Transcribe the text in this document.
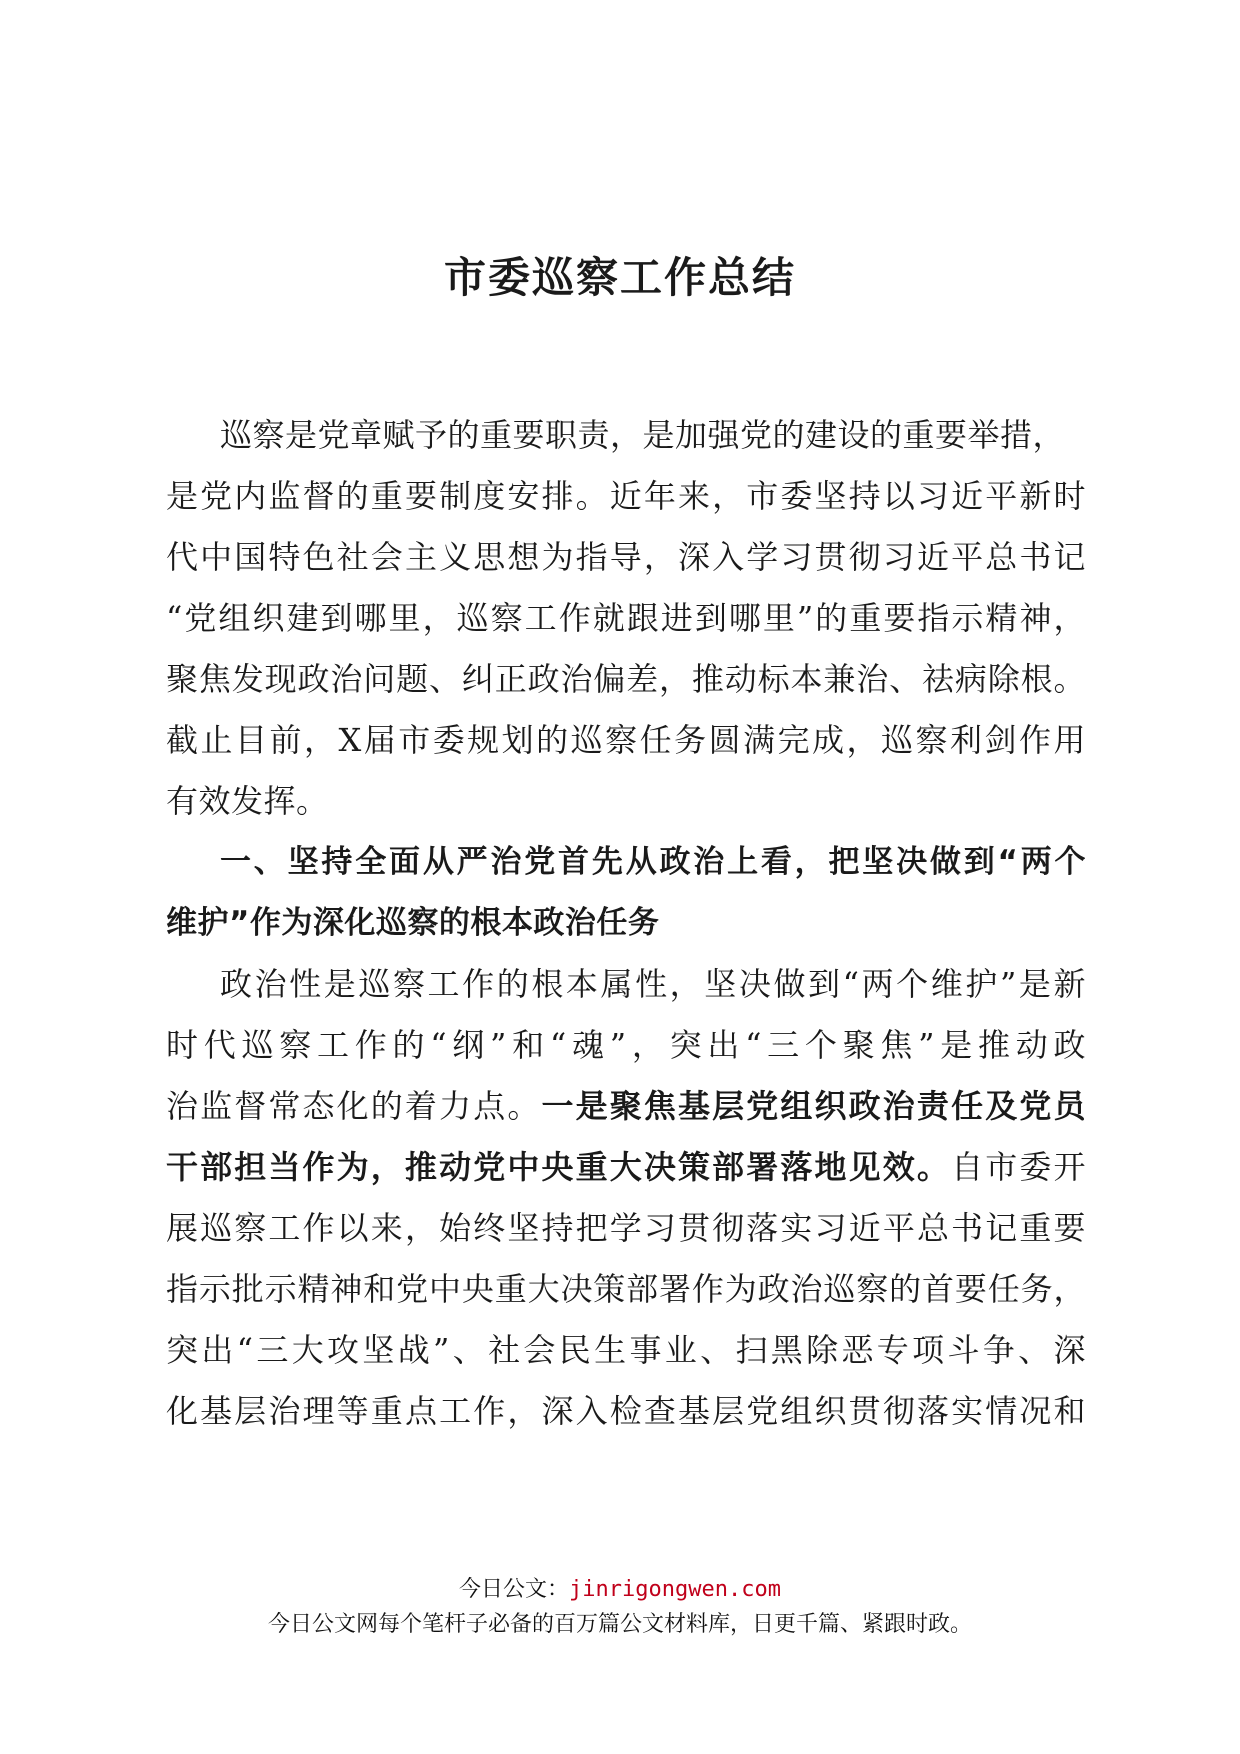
市委巡察工作总结
巡察是党章赋予的重要职责，是加强党的建设的重要举措，
是党内监督的重要制度安排。近年来，市委坚持以习近平新时
代中国特色社会主义思想为指导，深入学习贯彻习近平总书记
“党组织建到哪里，巡察工作就跟进到哪里”的重要指示精神，
聚焦发现政治问题、纠正政治偏差，推动标本兼治、祛病除根。
截止目前，X届市委规划的巡察任务圆满完成，巡察利剑作用
有效发挥。
一、坚持全面从严治党首先从政治上看，把坚决做到“两个
维护”作为深化巡察的根本政治任务
政治性是巡察工作的根本属性，坚决做到“两个维护”是新
时代巡察工作的“纲”和“魂”，突出“三个聚焦”是推动政
治监督常态化的着力点。一是聚焦基层党组织政治责任及党员
干部担当作为，推动党中央重大决策部署落地见效。自市委开
展巡察工作以来，始终坚持把学习贯彻落实习近平总书记重要
指示批示精神和党中央重大决策部署作为政治巡察的首要任务，
突出“三大攻坚战”、社会民生事业、扫黑除恶专项斗争、深
化基层治理等重点工作，深入检查基层党组织贯彻落实情况和
今日公文：jinrigongwen.com
今日公文网每个笔杆子必备的百万篇公文材料库，日更千篇、紧跟时政。
